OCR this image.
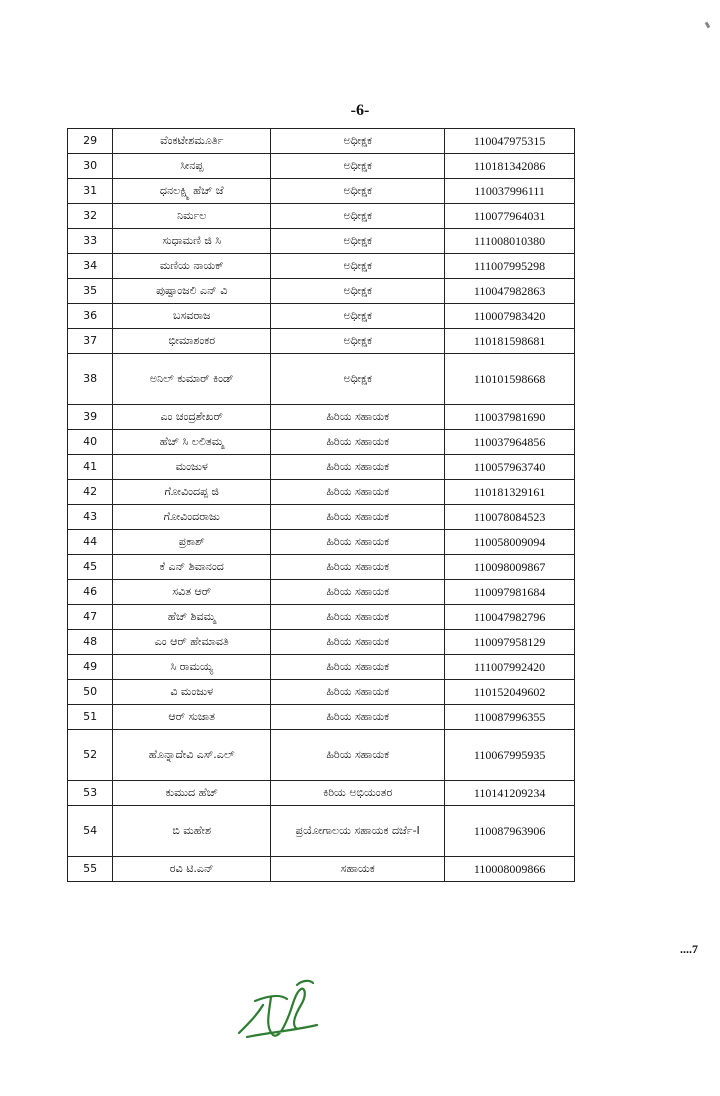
-6-
29	ವೆಂಕಟೇಶಮೂರ್ತಿ	ಅಧೀಕ್ಷಕ	110047975315
30	ಸೀನಪ್ಪ	ಅಧೀಕ್ಷಕ	110181342086
31	ಧನಲಕ್ಷ್ಮಿ ಹೆಚ್ ಜೆ	ಅಧೀಕ್ಷಕ	110037996111
32	ನಿರ್ಮಲ	ಅಧೀಕ್ಷಕ	110077964031
33	ಸುಧಾಮಣಿ ಜಿ ಸಿ	ಅಧೀಕ್ಷಕ	111008010380
34	ಮಣಿಯ ನಾಯಕ್	ಅಧೀಕ್ಷಕ	111007995298
35	ಪುಷ್ಪಾಂಜಲಿ ಎನ್ ವಿ	ಅಧೀಕ್ಷಕ	110047982863
36	ಬಸವರಾಜ	ಅಧೀಕ್ಷಕ	110007983420
37	ಭೀಮಾಶಂಕರ	ಅಧೀಕ್ಷಕ	110181598681
38	ಅನಿಲ್ ಕುಮಾರ್ ಕಿಂಡ್	ಅಧೀಕ್ಷಕ	110101598668
39	ಎಂ ಚಂದ್ರಶೇಖರ್	ಹಿರಿಯ ಸಹಾಯಕ	110037981690
40	ಹೆಚ್ ಸಿ ಲಲಿತಮ್ಮ	ಹಿರಿಯ ಸಹಾಯಕ	110037964856
41	ಮಂಜುಳ	ಹಿರಿಯ ಸಹಾಯಕ	110057963740
42	ಗೋವಿಂದಪ್ಪ ಜಿ	ಹಿರಿಯ ಸಹಾಯಕ	110181329161
43	ಗೋವಿಂದರಾಜು	ಹಿರಿಯ ಸಹಾಯಕ	110078084523
44	ಪ್ರಕಾಶ್	ಹಿರಿಯ ಸಹಾಯಕ	110058009094
45	ಕೆ ಎನ್ ಶಿವಾನಂದ	ಹಿರಿಯ ಸಹಾಯಕ	110098009867
46	ಸವಿತ ಆರ್	ಹಿರಿಯ ಸಹಾಯಕ	110097981684
47	ಹೆಚ್ ಶಿವಮ್ಮ	ಹಿರಿಯ ಸಹಾಯಕ	110047982796
48	ಎಂ ಆರ್ ಹೇಮಾವತಿ	ಹಿರಿಯ ಸಹಾಯಕ	110097958129
49	ಸಿ ರಾಮಯ್ಯ	ಹಿರಿಯ ಸಹಾಯಕ	111007992420
50	ವಿ ಮಂಜುಳ	ಹಿರಿಯ ಸಹಾಯಕ	110152049602
51	ಆರ್ ಸುಜಾತ	ಹಿರಿಯ ಸಹಾಯಕ	110087996355
52	ಹೊನ್ನಾದೇವಿ ಎಸ್.ಎಲ್	ಹಿರಿಯ ಸಹಾಯಕ	110067995935
53	ಕುಮುದ ಹೆಚ್	ಕಿರಿಯ ಅಭಿಯಂತರ	110141209234
54	ಬಿ ಮಹೇಶ	ಪ್ರಯೋಗಾಲಯ ಸಹಾಯಕ ದರ್ಜೆ-I	110087963906
55	ರವಿ ಟಿ.ಎನ್	ಸಹಾಯಕ	110008009866
....7
